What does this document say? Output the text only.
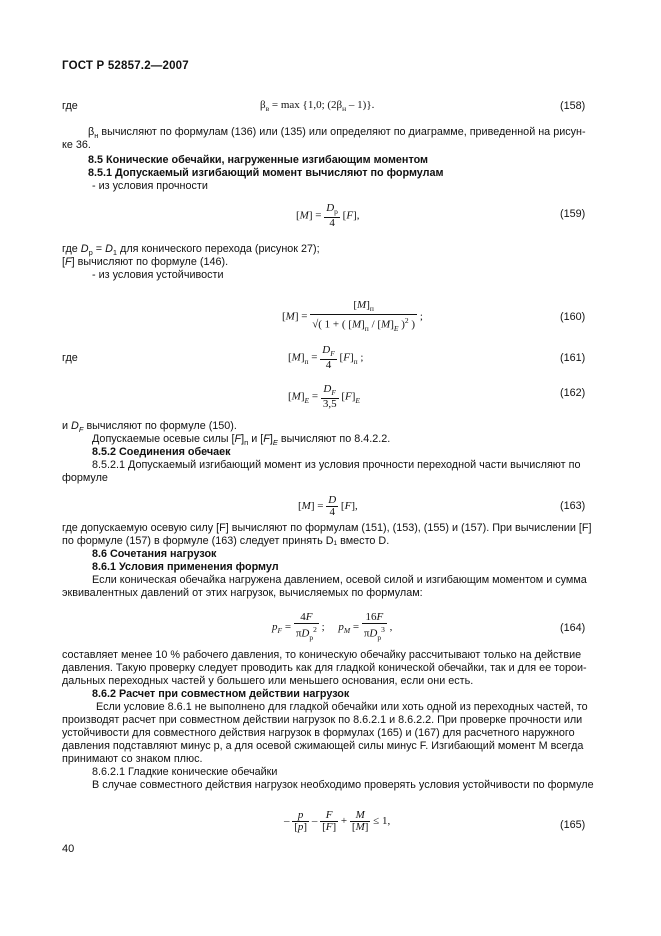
ГОСТ Р 52857.2—2007
где	$\beta_в = \max \{1,0$; $(2\beta_н - 1)$}.	(158)
$\beta_н$ вычисляют по формулам (136) или (135) или определяют по диаграмме, приведенной на рисун-
ке 36.
8.5 Конические обечайки, нагруженные изгибающим моментом
8.5.1 Допускаемый изгибающий момент вычисляют по формулам
- из условия прочности
$[M] = \frac{D_p}{4} [F]$,	(159)
где $D_p = D_1$ для конического перехода (рисунок 27);
[F] вычисляют по формуле (146).
- из условия устойчивости
$[M] = \frac{[M]_п}{√( 1 + ( [M]_п / [M]_E )^2 )}$ ;	(160)
где	$[M]_п = \frac{D_F}{4} [F]_п$ ;	(161)
$[M]_E = \frac{D_F}{3,5} [F]_E$
(162)
и $D_F$ вычисляют по формуле (150).
Допускаемые осевые силы $[F]_п$ и $[F]_E$ вычисляют по 8.4.2.2.
8.5.2 Соединения обечаек
8.5.2.1 Допускаемый изгибающий момент из условия прочности переходной части вычисляют по
формуле
$[M] = \frac{D}{4} [F]$,	(163)
где допускаемую осевую силу [F] вычисляют по формулам (151), (153), (155) и (157). При вычислении [F]
по формуле (157) в формуле (163) следует принять D₁ вместо D.
8.6 Сочетания нагрузок
8.6.1 Условия применения формул
Если коническая обечайка нагружена давлением, осевой силой и изгибающим моментом и сумма
эквивалентных давлений от этих нагрузок, вычисляемых по формулам:
$p_F = \frac{4F}{\pi D_p^2}$ ;     $p_M = \frac{16F}{\pi D_p^3}$ ,	(164)
составляет менее 10 % рабочего давления, то коническую обечайку рассчитывают только на действие
давления. Такую проверку следует проводить как для гладкой конической обечайки, так и для ее торои-
дальных переходных частей у большего или меньшего основания, если они есть.
8.6.2 Расчет при совместном действии нагрузок
Если условие 8.6.1 не выполнено для гладкой обечайки или хоть одной из переходных частей, то
производят расчет при совместном действии нагрузок по 8.6.2.1 и 8.6.2.2. При проверке прочности или
устойчивости для совместного действия нагрузок в формулах (165) и (167) для расчетного наружного
давления подставляют минус p, а для осевой сжимающей силы минус F. Изгибающий момент M всегда
принимают со знаком плюс.
8.6.2.1 Гладкие конические обечайки
В случае совместного действия нагрузок необходимо проверять условия устойчивости по формуле
– $\frac{p}{[p]} - \frac{F}{[F]} + \frac{M}{[M]} \le 1$,	(165)
40
